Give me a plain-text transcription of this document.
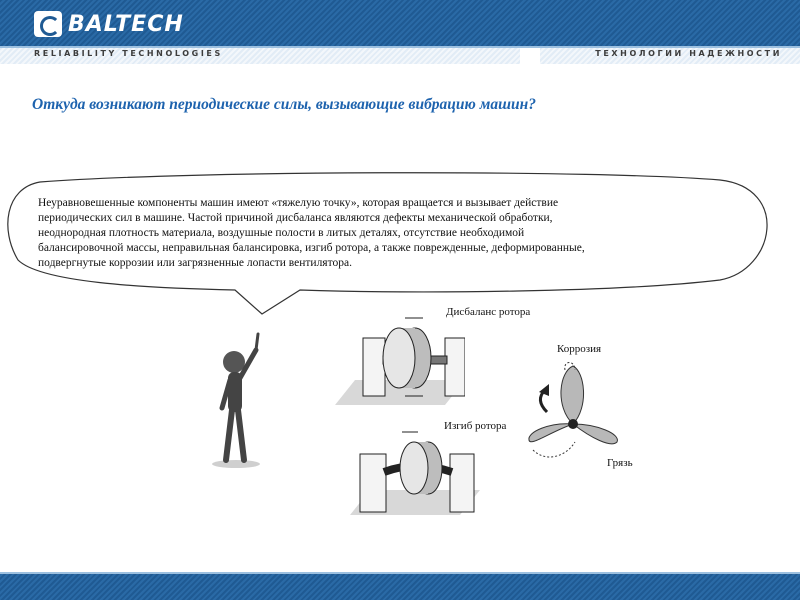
BALTECH
RELIABILITY TECHNOLOGIES	ТЕХНОЛОГИИ НАДЕЖНОСТИ
Откуда возникают периодические силы, вызывающие вибрацию машин?

Неуравновешенные компоненты машин имеют «тяжелую точку», которая вращается и вызывает действие

периодических сил в машине. Частой причиной дисбаланса являются дефекты механической обработки,

неоднородная плотность материала, воздушные полости в литых деталях, отсутствие необходимой

балансировочной массы, неправильная балансировка, изгиб ротора, а также поврежденные, деформированные,

подвергнутые коррозии или загрязненные лопасти вентилятора.

Дисбаланс ротора
Изгиб ротора
Коррозия
Грязь
